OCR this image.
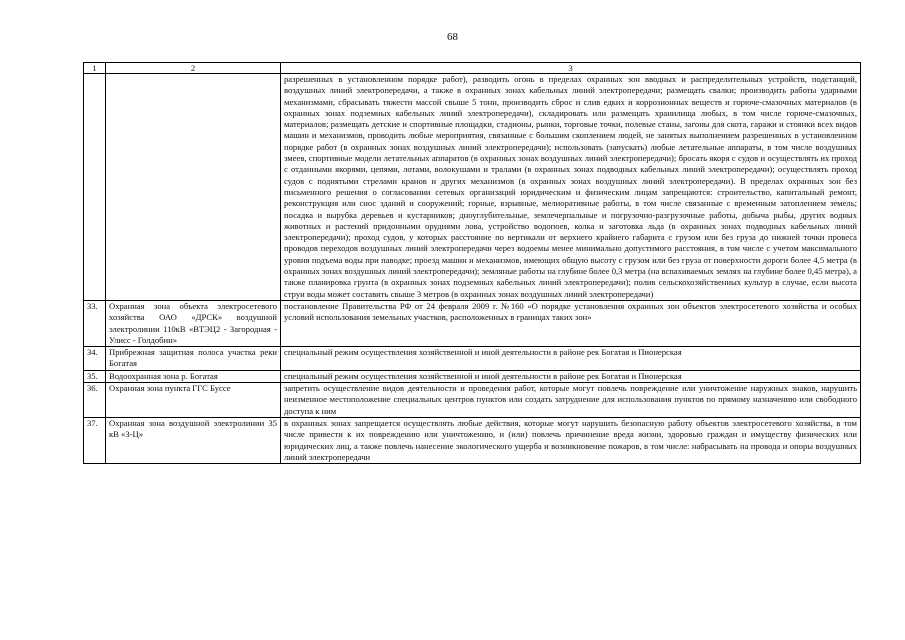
68
1	2	3
		разрешенных в установленном порядке работ), разводить огонь в пределах охранных зон вводных и распределительных устройств, подстанций, воздушных линий электропередачи, а также в охранных зонах кабельных линий электропередачи; размещать свалки; производить работы ударными механизмами, сбрасывать тяжести массой свыше 5 тонн, производить сброс и слив едких и коррозионных веществ и горюче-смазочных материалов (в охранных зонах подземных кабельных линий электропередачи), складировать или размещать хранилища любых, в том числе горюче-смазочных, материалов; размещать детские и спортивные площадки, стадионы, рынки, торговые точки, полевые станы, загоны для скота, гаражи и стоянки всех видов машин и механизмов, проводить любые мероприятия, связанные с большим скоплением людей, не занятых выполнением разрешенных в установленном порядке работ (в охранных зонах воздушных линий электропередачи); использовать (запускать) любые летательные аппараты, в том числе воздушных змеев, спортивные модели летательных аппаратов (в охранных зонах воздушных линий электропередачи); бросать якоря с судов и осуществлять их проход с отданными якорями, цепями, лотами, волокушами и тралами (в охранных зонах подводных кабельных линий электропередачи); осуществлять проход судов с поднятыми стрелами кранов и других механизмов (в охранных зонах воздушных линий электропередачи). В пределах охранных зон без письменного решения о согласовании сетевых организаций юридическим и физическим лицам запрещаются: строительство, капитальный ремонт, реконструкция или снос зданий и сооружений; горные, взрывные, мелиоративные работы, в том числе связанные с временным затоплением земель; посадка и вырубка деревьев и кустарников; дноуглубительные, землечерпальные и погрузочно-разгрузочные работы, добыча рыбы, других водных животных и растений придонными орудиями лова, устройство водопоев, колка и заготовка льда (в охранных зонах подводных кабельных линий электропередачи); проход судов, у которых расстояние по вертикали от верхнего крайнего габарита с грузом или без груза до нижней точки провеса проводов переходов воздушных линий электропередачи через водоемы менее минимально допустимого расстояния, в том числе с учетом максимального уровня подъема воды при паводке; проезд машин и механизмов, имеющих общую высоту с грузом или без груза от поверхности дороги более 4,5 метра (в охранных зонах воздушных линий электропередачи); земляные работы на глубине более 0,3 метра (на вспахиваемых землях на глубине более 0,45 метра), а также планировка грунта (в охранных зонах подземных кабельных линий электропередачи); полив сельскохозяйственных культур в случае, если высота струи воды может составить свыше 3 метров (в охранных зонах воздушных линий электропередачи)
33.	Охранная зона объекта электросетевого хозяйства ОАО «ДРСК» воздушной электролинии 110кВ «ВТЭЦ2 - Загородная - Улисс - Голдобин»	постановление Правительства РФ от 24 февраля 2009 г. №160 «О порядке установления охранных зон объектов электросетевого хозяйства и особых условий использования земельных участков, расположенных в границах таких зон»
34.	Прибрежная защитная полоса участка реки Богатая	специальный режим осуществления хозяйственной и иной деятельности в районе рек Богатая и Пионерская
35.	Водоохранная зона р. Богатая	специальный режим осуществления хозяйственной и иной деятельности в районе рек Богатая и Пионерская
36.	Охранная зона пункта ГГС Буссе	запретить осуществление видов деятельности и проведения работ, которые могут повлечь повреждение или уничтожение наружных знаков, нарушить неизменное местоположение специальных центров пунктов или создать затруднение для использования пунктов по прямому назначению или свободного доступа к ним
37.	Охранная зона воздушной электролинии 35 кВ «З-Ц»	в охранных зонах запрещается осуществлять любые действия, которые могут нарушить безопасную работу объектов электросетевого хозяйства, в том числе привести к их повреждению или уничтожению, и (или) повлечь причинение вреда жизни, здоровью граждан и имуществу физических или юридических лиц, а также повлечь нанесение экологического ущерба и возникновение пожаров, в том числе: набрасывать на провода и опоры воздушных линий электропередачи
